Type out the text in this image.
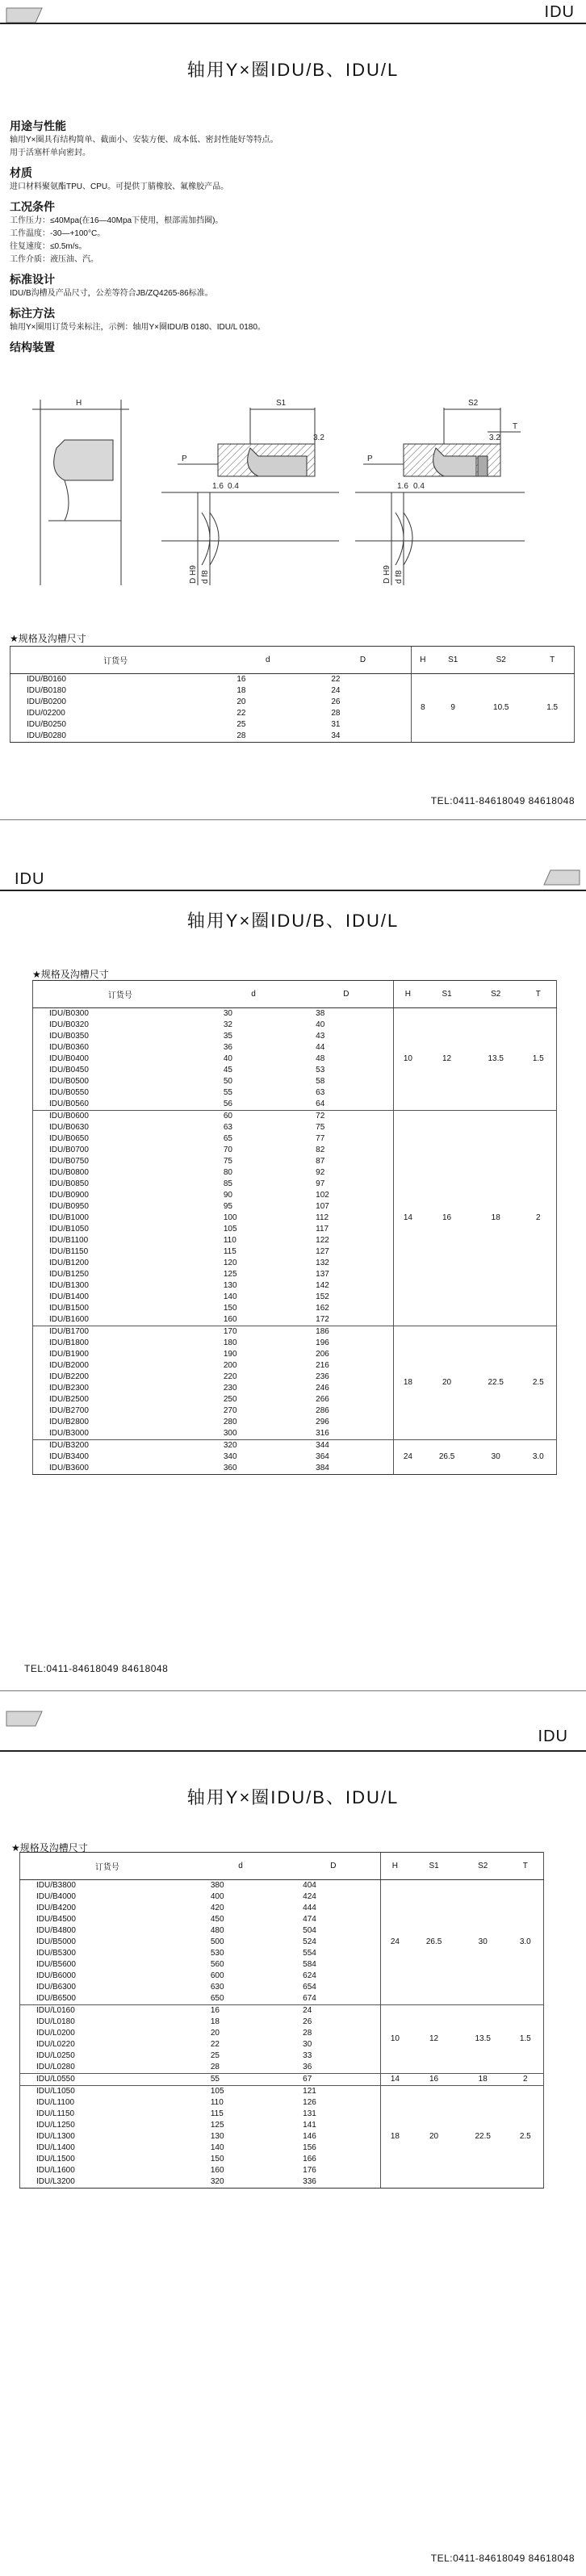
IDU
轴用Y×圈IDU/B、IDU/L
用途与性能

轴用Y×圈具有结构简单、截面小、安装方便、成本低、密封性能好等特点。用于活塞杆单向密封。

材质

进口材料聚氨酯TPU、CPU。可提供丁腈橡胶、氟橡胶产品。

工况条件

工作压力：≤40Mpa(在16—40Mpa下使用，根部需加挡圈)。

工作温度：-30—+100°C。

往复速度：≤0.5m/s。

工作介质：液压油、汽。

标准设计

IDU/B沟槽及产品尺寸，公差等符合JB/ZQ4265-86标准。

标注方法

轴用Y×圈用订货号来标注，示例：轴用Y×圈IDU/B 0180、IDU/L 0180。

结构装置
H	S1	S2
P	P
T
0.4	0.4
1.6	1.6
3.2	3.2
D H9 d f8	D H9 d f8
★规格及沟槽尺寸
订货号	d	D	H	S1	S2	T
IDU/B0160	16	22	8	9	10.5	1.5
IDU/B0180	18	24				
IDU/B0200	20	26				
IDU/02200	22	28				
IDU/B0250	25	31				
IDU/B0280	28	34				
TEL:0411-84618049 84618048
IDU
轴用Y×圈IDU/B、IDU/L
★规格及沟槽尺寸
订货号	d	D	H	S1	S2	T
IDU/B0300	30	38	10	12	13.5	1.5
IDU/B0320	32	40				
IDU/B0350	35	43				
IDU/B0360	36	44				
IDU/B0400	40	48				
IDU/B0450	45	53				
IDU/B0500	50	58				
IDU/B0550	55	63				
IDU/B0560	56	64				
IDU/B0600	60	72	14	16	18	2
IDU/B0630	63	75				
IDU/B0650	65	77				
IDU/B0700	70	82				
IDU/B0750	75	87				
IDU/B0800	80	92				
IDU/B0850	85	97				
IDU/B0900	90	102				
IDU/B0950	95	107				
IDU/B1000	100	112				
IDU/B1050	105	117				
IDU/B1100	110	122				
IDU/B1150	115	127				
IDU/B1200	120	132				
IDU/B1250	125	137				
IDU/B1300	130	142				
IDU/B1400	140	152				
IDU/B1500	150	162				
IDU/B1600	160	172				
IDU/B1700	170	186	18	20	22.5	2.5
IDU/B1800	180	196				
IDU/B1900	190	206				
IDU/B2000	200	216				
IDU/B2200	220	236				
IDU/B2300	230	246				
IDU/B2500	250	266				
IDU/B2700	270	286				
IDU/B2800	280	296				
IDU/B3000	300	316				
IDU/B3200	320	344	24	26.5	30	3.0
IDU/B3400	340	364				
IDU/B3600	360	384				
TEL:0411-84618049 84618048
IDU
轴用Y×圈IDU/B、IDU/L
★规格及沟槽尺寸
订货号	d	D	H	S1	S2	T
IDU/B3800	380	404	24	26.5	30	3.0
IDU/B4000	400	424				
IDU/B4200	420	444				
IDU/B4500	450	474				
IDU/B4800	480	504				
IDU/B5000	500	524				
IDU/B5300	530	554				
IDU/B5600	560	584				
IDU/B6000	600	624				
IDU/B6300	630	654				
IDU/B6500	650	674				
IDU/L0160	16	24	10	12	13.5	1.5
IDU/L0180	18	26				
IDU/L0200	20	28				
IDU/L0220	22	30				
IDU/L0250	25	33				
IDU/L0280	28	36				
IDU/L0550	55	67	14	16	18	2
IDU/L1050	105	121	18	20	22.5	2.5
IDU/L1100	110	126				
IDU/L1150	115	131				
IDU/L1250	125	141				
IDU/L1300	130	146				
IDU/L1400	140	156				
IDU/L1500	150	166				
IDU/L1600	160	176				
IDU/L3200	320	336				
TEL:0411-84618049 84618048
